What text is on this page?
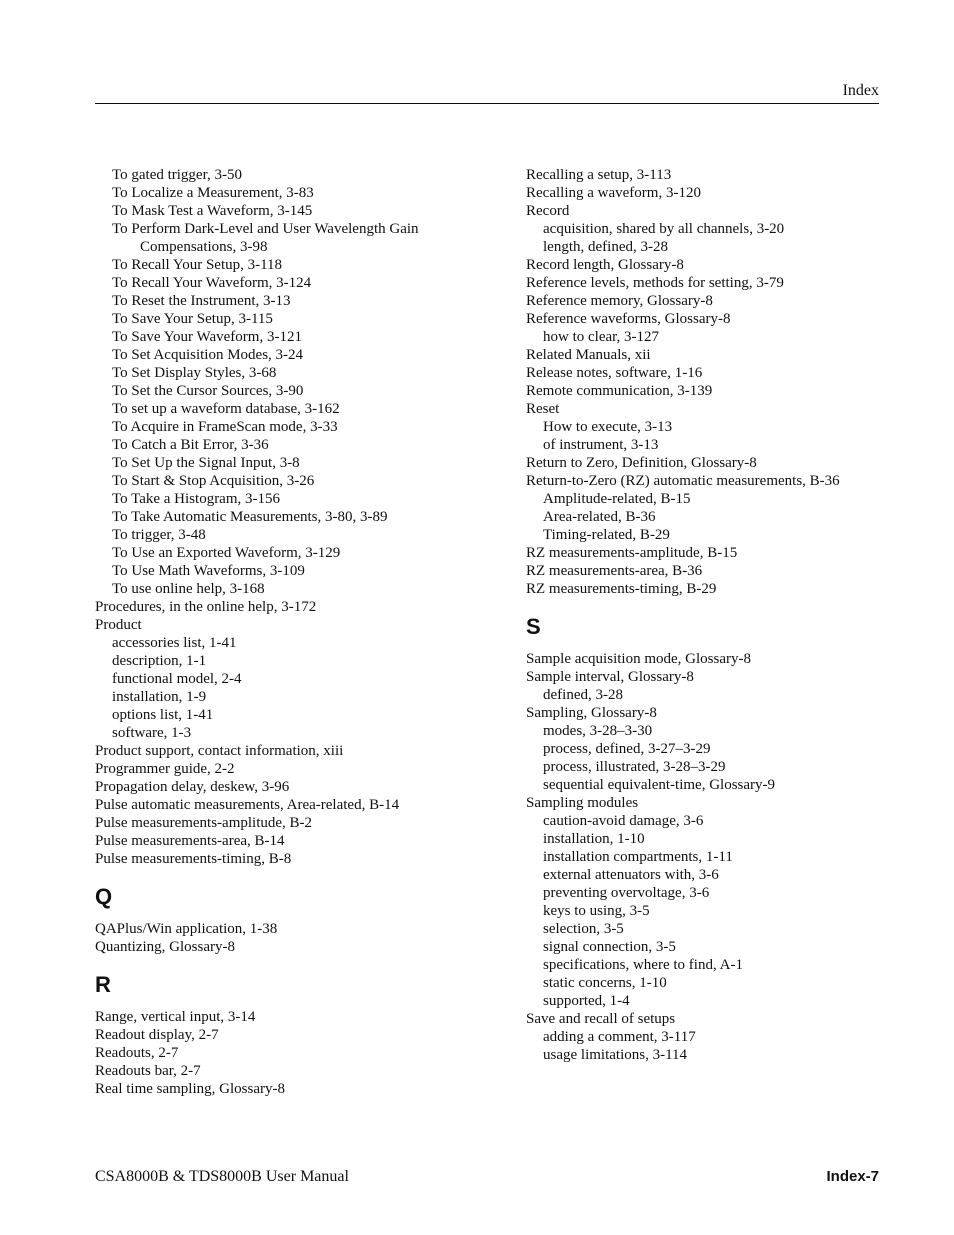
Index
To gated trigger, 3-50
To Localize a Measurement, 3-83
To Mask Test a Waveform, 3-145
To Perform Dark-Level and User Wavelength Gain
Compensations, 3-98
To Recall Your Setup, 3-118
To Recall Your Waveform, 3-124
To Reset the Instrument, 3-13
To Save Your Setup, 3-115
To Save Your Waveform, 3-121
To Set Acquisition Modes, 3-24
To Set Display Styles, 3-68
To Set the Cursor Sources, 3-90
To set up a waveform database, 3-162
To Acquire in FrameScan mode, 3-33
To Catch a Bit Error, 3-36
To Set Up the Signal Input, 3-8
To Start & Stop Acquisition, 3-26
To Take a Histogram, 3-156
To Take Automatic Measurements, 3-80, 3-89
To trigger, 3-48
To Use an Exported Waveform, 3-129
To Use Math Waveforms, 3-109
To use online help, 3-168
Procedures, in the online help, 3-172
Product
accessories list, 1-41
description, 1-1
functional model, 2-4
installation, 1-9
options list, 1-41
software, 1-3
Product support, contact information, xiii
Programmer guide, 2-2
Propagation delay, deskew, 3-96
Pulse automatic measurements, Area-related, B-14
Pulse measurements-amplitude, B-2
Pulse measurements-area, B-14
Pulse measurements-timing, B-8
Q
QAPlus/Win application, 1-38
Quantizing, Glossary-8
R
Range, vertical input, 3-14
Readout display, 2-7
Readouts, 2-7
Readouts bar, 2-7
Real time sampling, Glossary-8
Recalling a setup, 3-113
Recalling a waveform, 3-120
Record
acquisition, shared by all channels, 3-20
length, defined, 3-28
Record length, Glossary-8
Reference levels, methods for setting, 3-79
Reference memory, Glossary-8
Reference waveforms, Glossary-8
how to clear, 3-127
Related Manuals, xii
Release notes, software, 1-16
Remote communication, 3-139
Reset
How to execute, 3-13
of instrument, 3-13
Return to Zero, Definition, Glossary-8
Return-to-Zero (RZ) automatic measurements, B-36
Amplitude-related, B-15
Area-related, B-36
Timing-related, B-29
RZ measurements-amplitude, B-15
RZ measurements-area, B-36
RZ measurements-timing, B-29
S
Sample acquisition mode, Glossary-8
Sample interval, Glossary-8
defined, 3-28
Sampling, Glossary-8
modes, 3-28–3-30
process, defined, 3-27–3-29
process, illustrated, 3-28–3-29
sequential equivalent-time, Glossary-9
Sampling modules
caution-avoid damage, 3-6
installation, 1-10
installation compartments, 1-11
external attenuators with, 3-6
preventing overvoltage, 3-6
keys to using, 3-5
selection, 3-5
signal connection, 3-5
specifications, where to find, A-1
static concerns, 1-10
supported, 1-4
Save and recall of setups
adding a comment, 3-117
usage limitations, 3-114
CSA8000B & TDS8000B User Manual	Index-7
